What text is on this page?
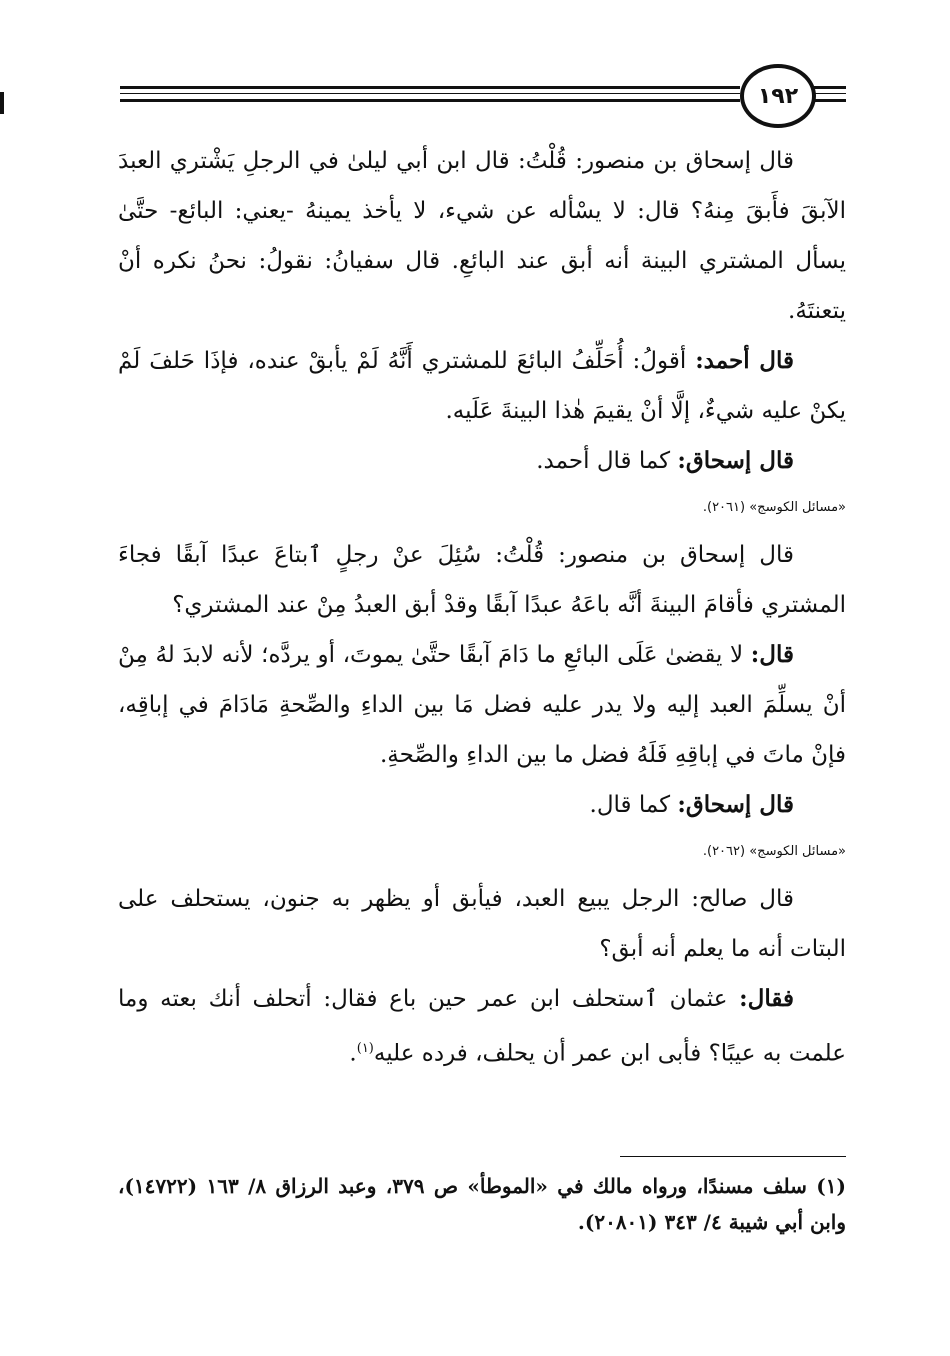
١٩٢

قال إسحاق بن منصور: قُلْتُ: قال ابن أبي ليلىٰ في الرجلِ يَشْتري العبدَ الآبقَ فأَبقَ مِنهُ؟ قال: لا يسْأله عن شيء، لا يأخذ يمينهُ -يعني: البائع- حتَّىٰ يسأل المشتري البينة أنه أبق عند البائعِ. قال سفيانُ: نقولُ: نحنُ نكره أنْ يتعنتَهُ.

قال أحمد: أقولُ: أُحَلِّفُ البائعَ للمشتري أَنَّهُ لَمْ يأبقْ عنده، فإذَا حَلفَ لَمْ يكنْ عليه شيءٌ، إلَّا أنْ يقيمَ هٰذا البينةَ عَلَيه.

قال إسحاق: كما قال أحمد.

«مسائل الكوسج» (٢٠٦١).

قال إسحاق بن منصور: قُلْتُ: سُئِلَ عنْ رجلٍ ٱبتاعَ عبدًا آبقًا فجاءَ المشتري فأقامَ البينةَ أنَّه باعَهُ عبدًا آبقًا وقدْ أبق العبدُ مِنْ عند المشتري؟

قال: لا يقضىٰ عَلَى البائعِ ما دَامَ آبقًا حتَّىٰ يموتَ، أو يردَّه؛ لأنه لابدَ لهُ مِنْ أنْ يسلِّمَ العبد إليه ولا يدر عليه فضل مَا بين الداءِ والصِّحةِ مَادَامَ في إباقِه، فإنْ ماتَ في إباقِهِ فَلَهُ فضل ما بين الداءِ والصِّحةِ.

قال إسحاق: كما قال.

«مسائل الكوسج» (٢٠٦٢).

قال صالح: الرجل يبيع العبد، فيأبق أو يظهر به جنون، يستحلف على البتات أنه ما يعلم أنه أبق؟

فقال: عثمان ٱستحلف ابن عمر حين باع فقال: أتحلف أنك بعته وما علمت به عيبًا؟ فأبى ابن عمر أن يحلف، فرده عليه$^{(١)}$.

(١) سلف مسندًا، ورواه مالك في «الموطأ» ص ٣٧٩، وعبد الرزاق ٨/ ١٦٣ (١٤٧٢٢)، وابن أبي شيبة ٤/ ٣٤٣ (٢٠٨٠١).
